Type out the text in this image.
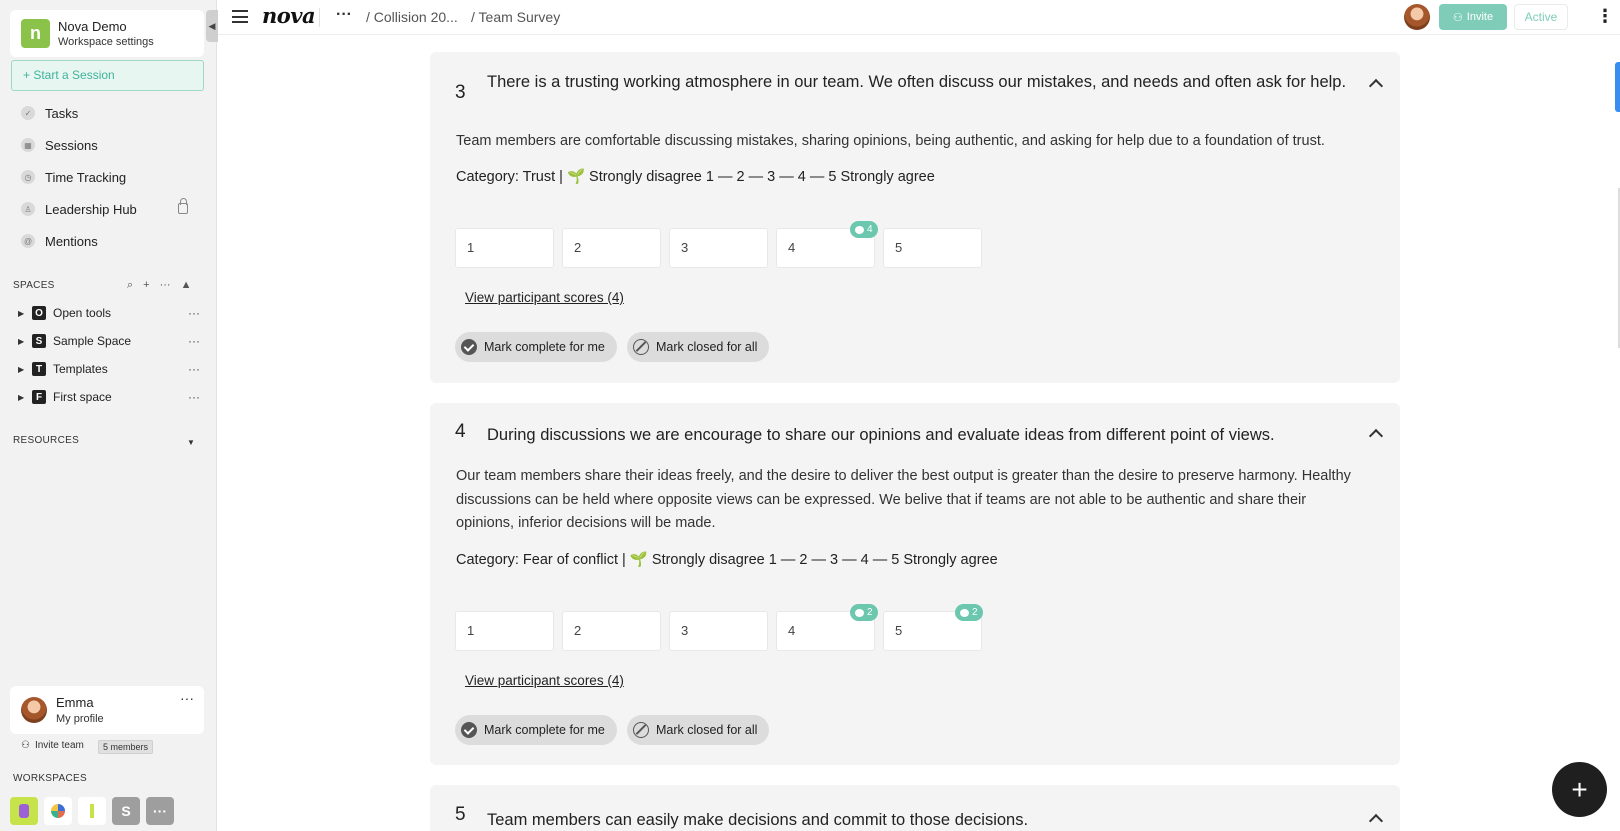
n	Nova Demo
Workspace settings
◀
+ Start a Session
✓ Tasks
▦ Sessions
◷ Time Tracking
♙ Leadership Hub
@ Mentions
SPACES	⌕ + ··· ▲
▶	O Open tools	···
▶	S Sample Space	···
▶	T Templates	···
▶	F First space	···
RESOURCES	▼
Emma
My profile
···
⚇ Invite team	5 members
WORKSPACES
S	···
nova ··· / Collision 20... / Team Survey	⚇ Invite	Active	⋮
3 There is a trusting working atmosphere in our team. We often discuss our mistakes, and needs and often ask for help.
Team members are comfortable discussing mistakes, sharing opinions, being authentic, and asking for help due to a foundation of trust.
Category: Trust | 🌱 Strongly disagree 1 — 2 — 3 — 4 — 5 Strongly agree
1	2	3	4	5
4
View participant scores (4)
Mark complete for me	Mark closed for all
4 During discussions we are encourage to share our opinions and evaluate ideas from different point of views.
Our team members share their ideas freely, and the desire to deliver the best output is greater than the desire to preserve harmony. Healthy discussions can be held where opposite views can be expressed. We belive that if teams are not able to be authentic and share their opinions, inferior decisions will be made.
Category: Fear of conflict | 🌱 Strongly disagree 1 — 2 — 3 — 4 — 5 Strongly agree
1	2	3	4	5
2	2
View participant scores (4)
Mark complete for me	Mark closed for all
5 Team members can easily make decisions and commit to those decisions.
+
